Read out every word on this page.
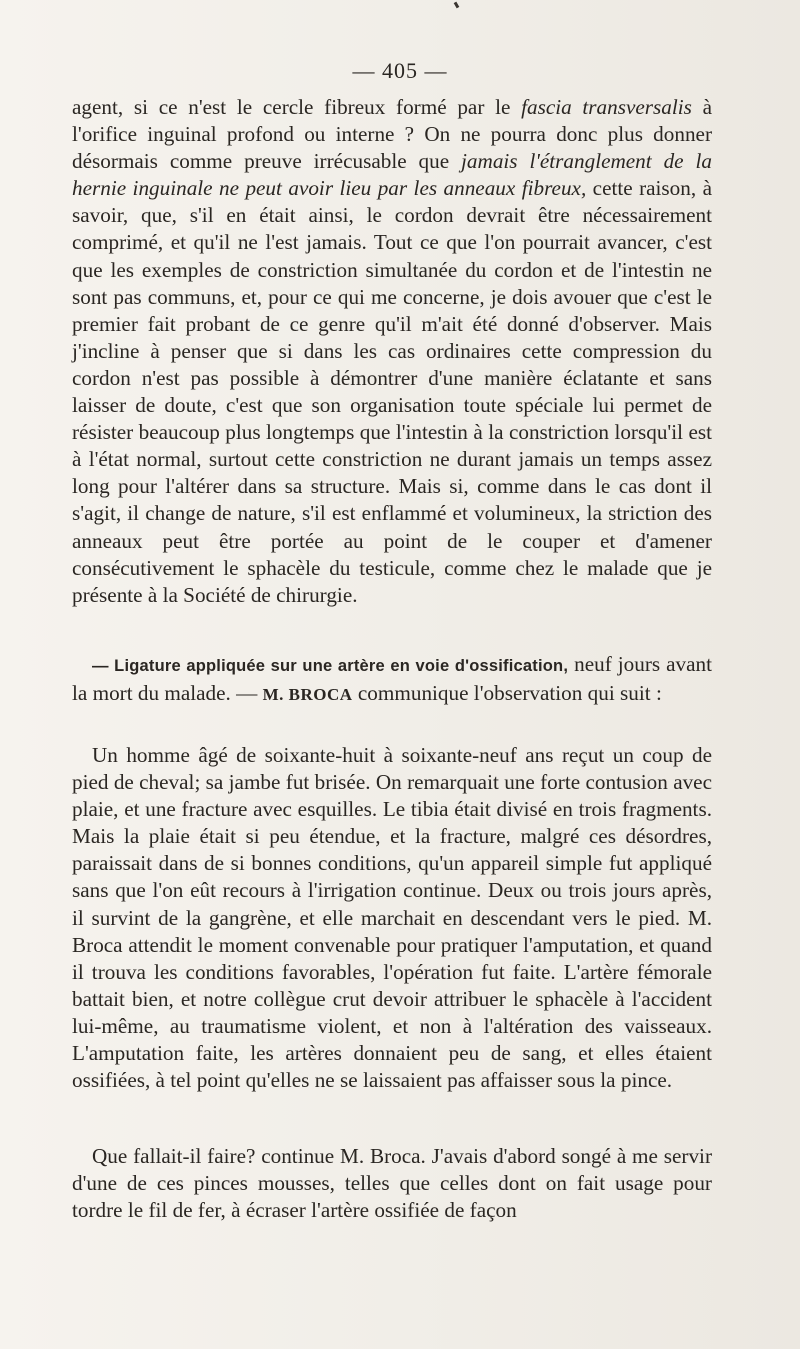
— 405 —

agent, si ce n'est le cercle fibreux formé par le fascia transversalis à l'orifice inguinal profond ou interne ? On ne pourra donc plus donner désormais comme preuve irrécusable que jamais l'étranglement de la hernie inguinale ne peut avoir lieu par les anneaux fibreux, cette raison, à savoir, que, s'il en était ainsi, le cordon devrait être nécessairement comprimé, et qu'il ne l'est jamais. Tout ce que l'on pourrait avancer, c'est que les exemples de constriction simultanée du cordon et de l'intestin ne sont pas communs, et, pour ce qui me concerne, je dois avouer que c'est le premier fait probant de ce genre qu'il m'ait été donné d'observer. Mais j'incline à penser que si dans les cas ordinaires cette compression du cordon n'est pas possible à démontrer d'une manière éclatante et sans laisser de doute, c'est que son organisation toute spéciale lui permet de résister beaucoup plus longtemps que l'intestin à la constriction lorsqu'il est à l'état normal, surtout cette constriction ne durant jamais un temps assez long pour l'altérer dans sa structure. Mais si, comme dans le cas dont il s'agit, il change de nature, s'il est enflammé et volumineux, la striction des anneaux peut être portée au point de le couper et d'amener consécutivement le sphacèle du testicule, comme chez le malade que je présente à la Société de chirurgie.

— Ligature appliquée sur une artère en voie d'ossification, neuf jours avant la mort du malade. — M. BROCA communique l'observation qui suit :

Un homme âgé de soixante-huit à soixante-neuf ans reçut un coup de pied de cheval; sa jambe fut brisée. On remarquait une forte contusion avec plaie, et une fracture avec esquilles. Le tibia était divisé en trois fragments. Mais la plaie était si peu étendue, et la fracture, malgré ces désordres, paraissait dans de si bonnes conditions, qu'un appareil simple fut appliqué sans que l'on eût recours à l'irrigation continue. Deux ou trois jours après, il survint de la gangrène, et elle marchait en descendant vers le pied. M. Broca attendit le moment convenable pour pratiquer l'amputation, et quand il trouva les conditions favorables, l'opération fut faite. L'artère fémorale battait bien, et notre collègue crut devoir attribuer le sphacèle à l'accident lui-même, au traumatisme violent, et non à l'altération des vaisseaux. L'amputation faite, les artères donnaient peu de sang, et elles étaient ossifiées, à tel point qu'elles ne se laissaient pas affaisser sous la pince.

Que fallait-il faire? continue M. Broca. J'avais d'abord songé à me servir d'une de ces pinces mousses, telles que celles dont on fait usage pour tordre le fil de fer, à écraser l'artère ossifiée de façon
